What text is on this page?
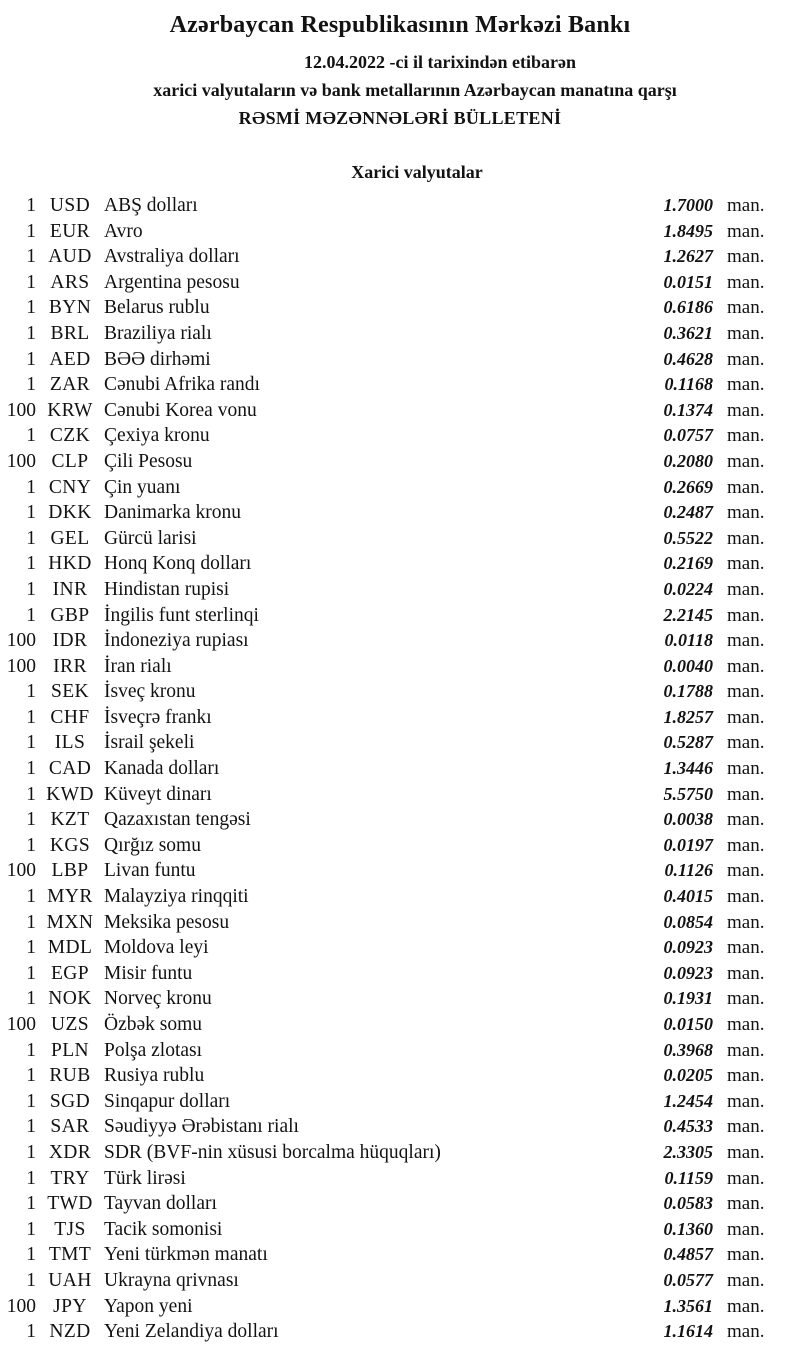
Azərbaycan Respublikasının Mərkəzi Bankı
12.04.2022 -ci il tarixindən etibarən
xarici valyutaların və bank metallarının Azərbaycan manatına qarşı
RƏSMİ MƏZƏNNƏLƏRİ BÜLLETENİ
Xarici valyutalar
1 USD ABŞ dolları	1.7000 man.
1 EUR Avro	1.8495 man.
1 AUD Avstraliya dolları	1.2627 man.
1 ARS Argentina pesosu	0.0151 man.
1 BYN Belarus rublu	0.6186 man.
1 BRL Braziliya rialı	0.3621 man.
1 AED BƏƏ dirhəmi	0.4628 man.
1 ZAR Cənubi Afrika randı	0.1168 man.
100 KRW Cənubi Korea vonu	0.1374 man.
1 CZK Çexiya kronu	0.0757 man.
100 CLP Çili Pesosu	0.2080 man.
1 CNY Çin yuanı	0.2669 man.
1 DKK Danimarka kronu	0.2487 man.
1 GEL Gürcü larisi	0.5522 man.
1 HKD Honq Konq dolları	0.2169 man.
1 INR Hindistan rupisi	0.0224 man.
1 GBP İngilis funt sterlinqi	2.2145 man.
100 IDR İndoneziya rupiası	0.0118 man.
100 IRR İran rialı	0.0040 man.
1 SEK İsveç kronu	0.1788 man.
1 CHF İsveçrə frankı	1.8257 man.
1 ILS İsrail şekeli	0.5287 man.
1 CAD Kanada dolları	1.3446 man.
1 KWD Küveyt dinarı	5.5750 man.
1 KZT Qazaxıstan tengəsi	0.0038 man.
1 KGS Qırğız somu	0.0197 man.
100 LBP Livan funtu	0.1126 man.
1 MYR Malayziya rinqqiti	0.4015 man.
1 MXN Meksika pesosu	0.0854 man.
1 MDL Moldova leyi	0.0923 man.
1 EGP Misir funtu	0.0923 man.
1 NOK Norveç kronu	0.1931 man.
100 UZS Özbək somu	0.0150 man.
1 PLN Polşa zlotası	0.3968 man.
1 RUB Rusiya rublu	0.0205 man.
1 SGD Sinqapur dolları	1.2454 man.
1 SAR Səudiyyə Ərəbistanı rialı	0.4533 man.
1 XDR SDR (BVF-nin xüsusi borcalma hüquqları)	2.3305 man.
1 TRY Türk lirəsi	0.1159 man.
1 TWD Tayvan dolları	0.0583 man.
1 TJS Tacik somonisi	0.1360 man.
1 TMT Yeni türkmən manatı	0.4857 man.
1 UAH Ukrayna qrivnası	0.0577 man.
100 JPY Yapon yeni	1.3561 man.
1 NZD Yeni Zelandiya dolları	1.1614 man.
